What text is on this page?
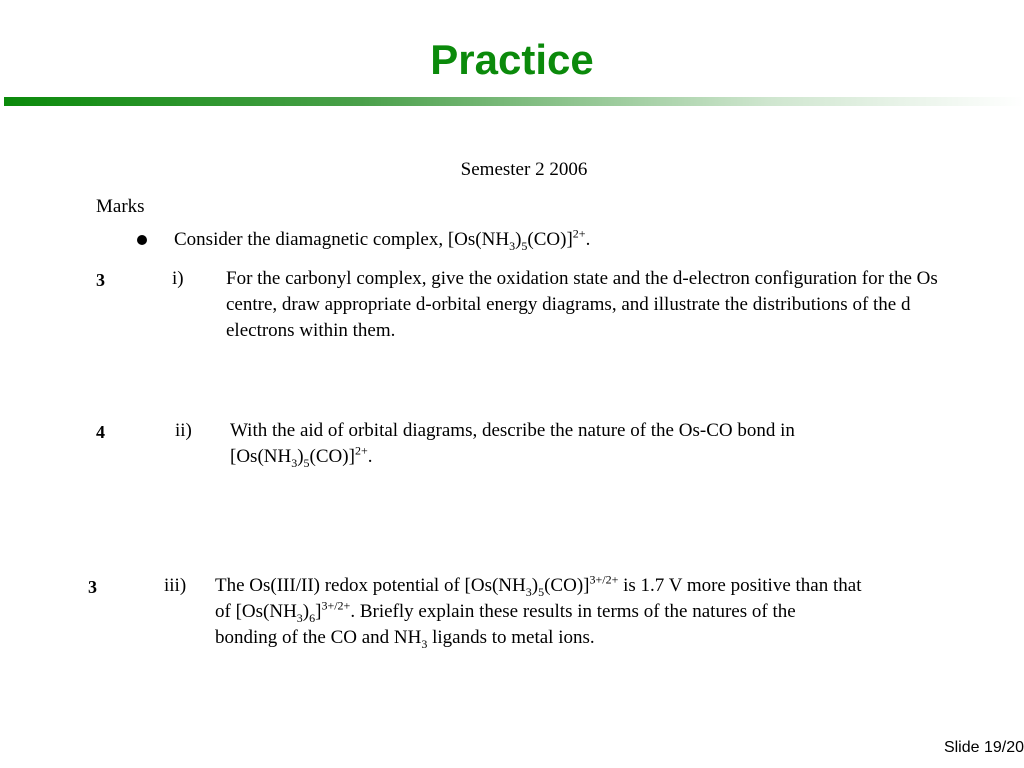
Practice
Semester 2 2006
Marks
Consider the diamagnetic complex, $[Os(NH_3)_5(CO)]^{2+}$.
3	i) For the carbonyl complex, give the oxidation state and the d-electron configuration for the Os centre, draw appropriate d-orbital energy diagrams, and illustrate the distributions of the d electrons within them.
4	ii) With the aid of orbital diagrams, describe the nature of the Os-CO bond in
$[Os(NH_3)_5(CO)]^{2+}$.
3	iii) The Os(III/II) redox potential of $[Os(NH_3)_5(CO)]^{3+/2+}$ is 1.7 V more positive than that
of $[Os(NH_3)_6]^{3+/2+}$. Briefly explain these results in terms of the natures of the
bonding of the CO and $NH_3$ ligands to metal ions.
Slide 19/20
